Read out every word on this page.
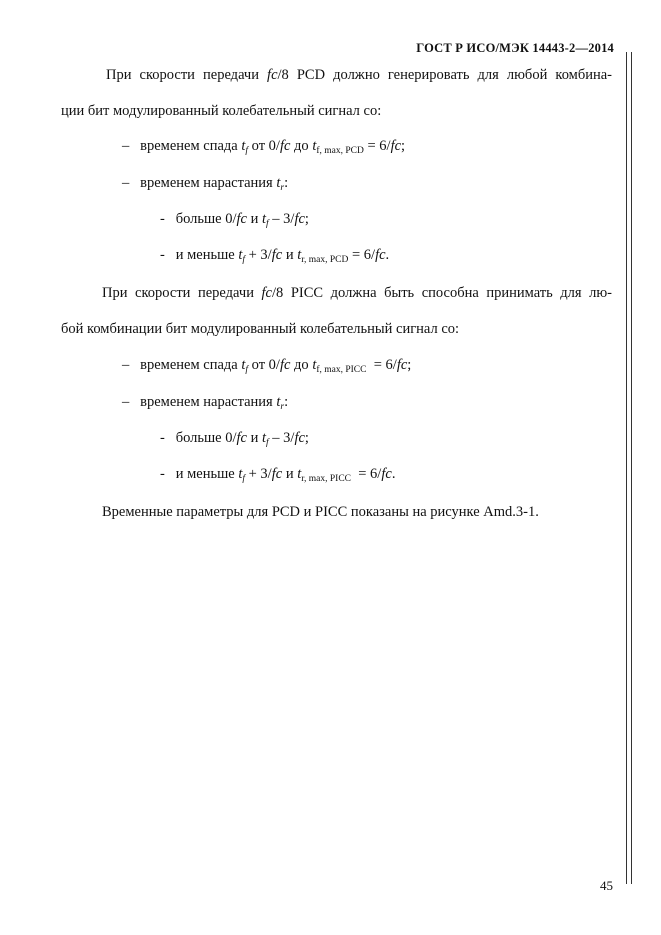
ГОСТ Р ИСО/МЭК 14443-2—2014
При скорости передачи fc/8 PCD должно генерировать для любой комбина-
ции бит модулированный колебательный сигнал со:
– временем спада $t_f$ от 0/fc до $t_{f, max, PCD} = 6/fc$;
– временем нарастания $t_r$:
- больше 0/fc и $t_f - 3/fc$;
- и меньше $t_f + 3/fc$ и $t_{r, max, PCD} = 6/fc$.
При скорости передачи fc/8 PICC должна быть способна принимать для лю-
бой комбинации бит модулированный колебательный сигнал со:
– временем спада $t_f$ от 0/fc до $t_{f, max, PICC} = 6/fc$;
– временем нарастания $t_r$:
- больше 0/fc и $t_f - 3/fc$;
- и меньше $t_f + 3/fc$ и $t_{r, max, PICC} = 6/fc$.
Временные параметры для PCD и PICC показаны на рисунке Amd.3-1.
45
